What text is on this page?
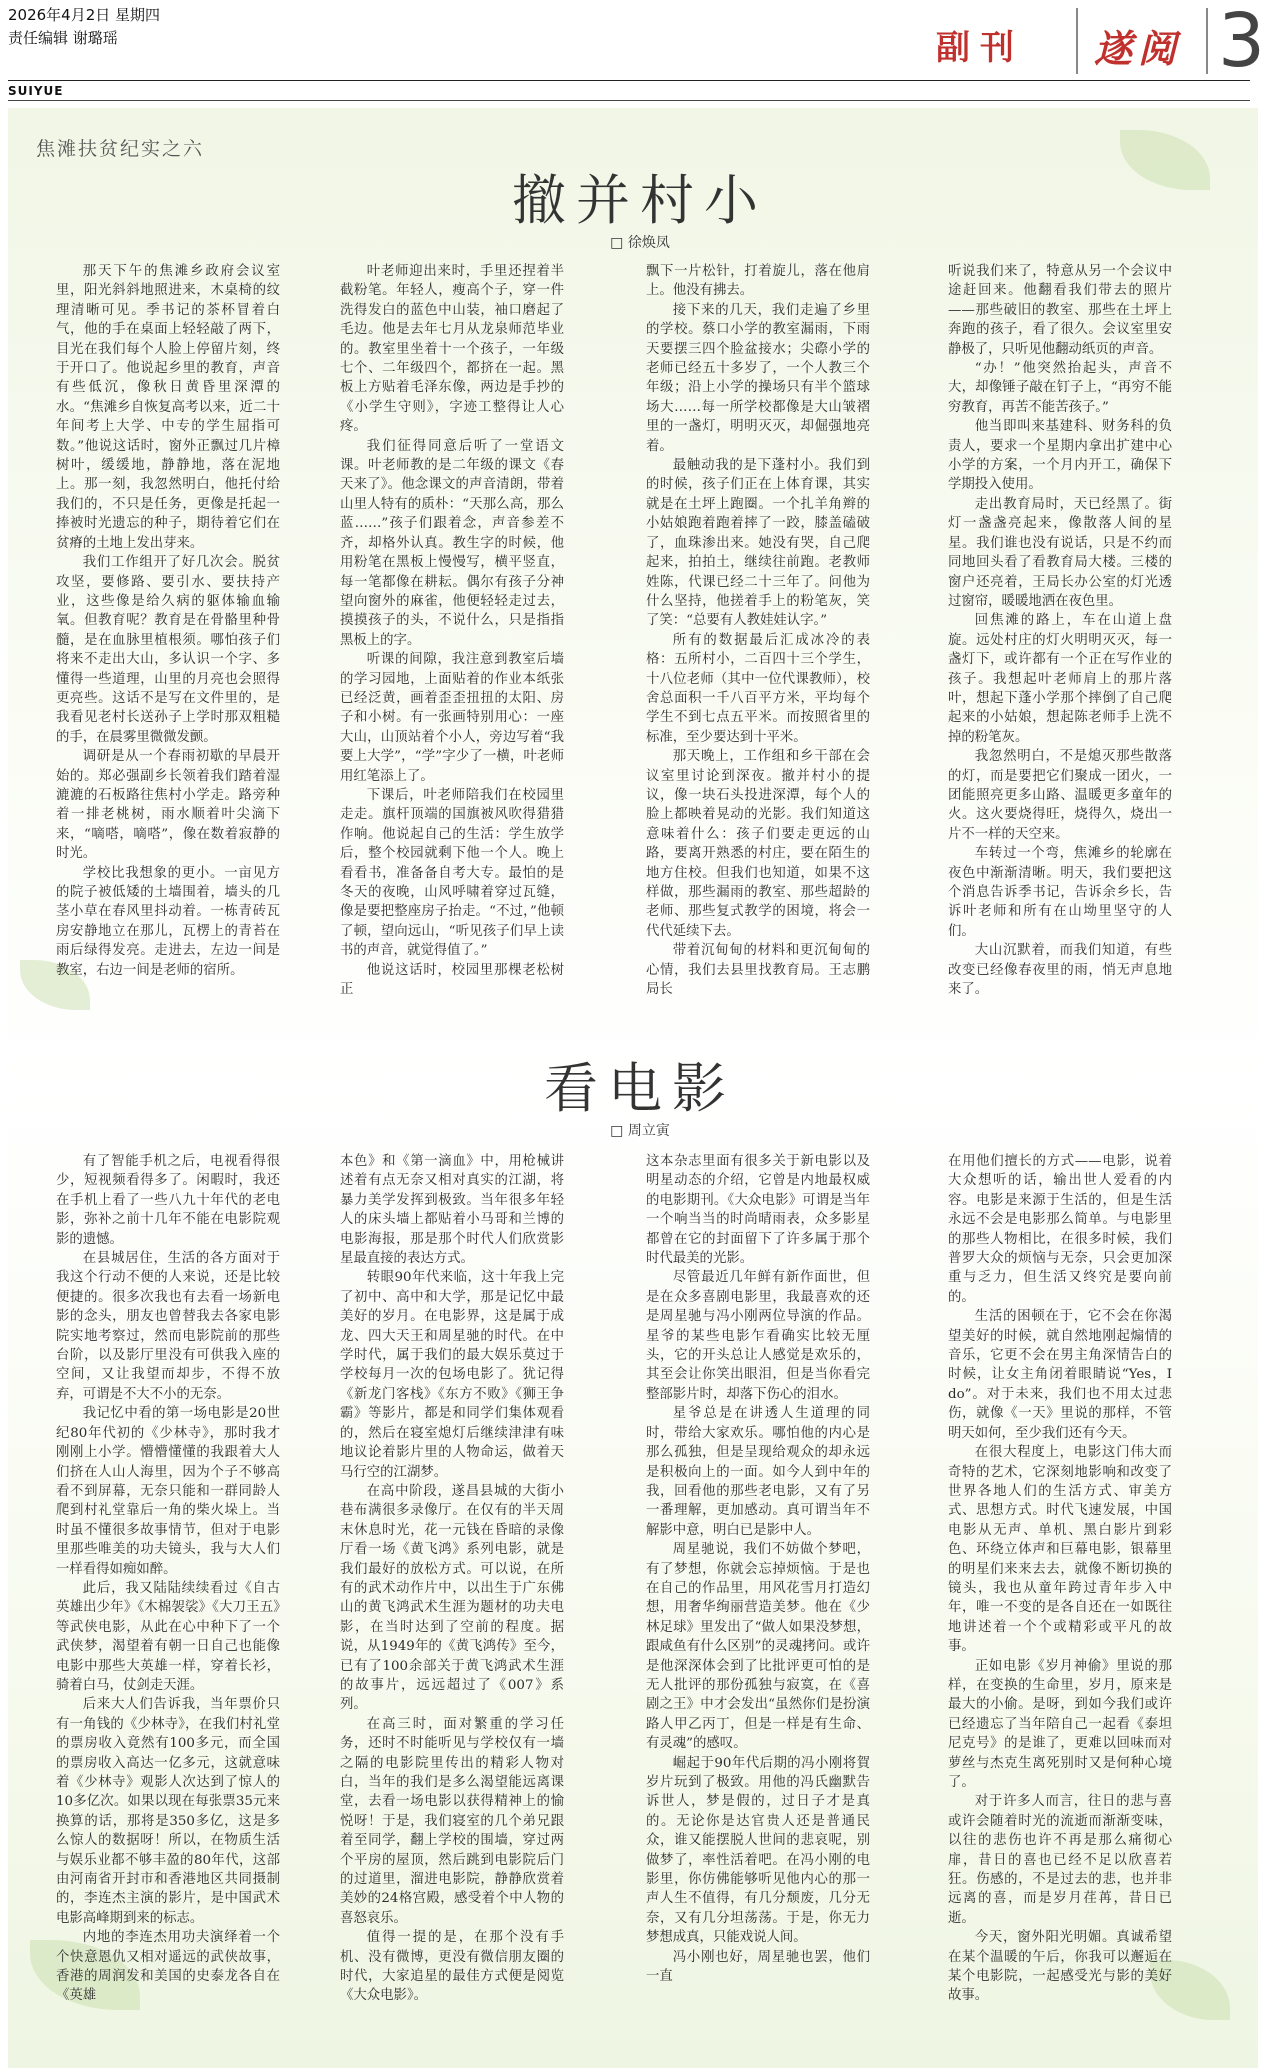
2026年4月2日 星期四
责任编辑 谢璐瑶
SUIYUE
副刊 遂阅 3
焦滩扶贫纪实之六
撤并村小
□ 徐焕凤

那天下午的焦滩乡政府会议室里，阳光斜斜地照进来，木桌椅的纹理清晰可见。季书记的茶杯冒着白气，他的手在桌面上轻轻敲了两下，目光在我们每个人脸上停留片刻，终于开口了。他说起乡里的教育，声音有些低沉，像秋日黄昏里深潭的水。“焦滩乡自恢复高考以来，近二十年间考上大学、中专的学生屈指可数。”他说这话时，窗外正飘过几片樟树叶，缓缓地，静静地，落在泥地上。那一刻，我忽然明白，他托付给我们的，不只是任务，更像是托起一捧被时光遗忘的种子，期待着它们在贫瘠的土地上发出芽来。

我们工作组开了好几次会。脱贫攻坚，要修路、要引水、要扶持产业，这些像是给久病的躯体输血输氧。但教育呢？教育是在骨骼里种骨髓，是在血脉里植根须。哪怕孩子们将来不走出大山，多认识一个字、多懂得一些道理，山里的月亮也会照得更亮些。这话不是写在文件里的，是我看见老村长送孙子上学时那双粗糙的手，在晨雾里微微发颤。

调研是从一个春雨初歇的早晨开始的。郑必强副乡长领着我们踏着湿漉漉的石板路往焦村小学走。路旁种着一排老桃树，雨水顺着叶尖滴下来，“嘀嗒，嘀嗒”，像在数着寂静的时光。

学校比我想象的更小。一亩见方的院子被低矮的土墙围着，墙头的几茎小草在春风里抖动着。一栋青砖瓦房安静地立在那儿，瓦楞上的青苔在雨后绿得发亮。走进去，左边一间是教室，右边一间是老师的宿所。

叶老师迎出来时，手里还捏着半截粉笔。年轻人，瘦高个子，穿一件洗得发白的蓝色中山装，袖口磨起了毛边。他是去年七月从龙泉师范毕业的。教室里坐着十一个孩子，一年级七个、二年级四个，都挤在一起。黑板上方贴着毛泽东像，两边是手抄的《小学生守则》，字迹工整得让人心疼。

我们征得同意后听了一堂语文课。叶老师教的是二年级的课文《春天来了》。他念课文的声音清朗，带着山里人特有的质朴：“天那么高，那么蓝……”孩子们跟着念，声音参差不齐，却格外认真。教生字的时候，他用粉笔在黑板上慢慢写，横平竖直，每一笔都像在耕耘。偶尔有孩子分神望向窗外的麻雀，他便轻轻走过去，摸摸孩子的头，不说什么，只是指指黑板上的字。

听课的间隙，我注意到教室后墙的学习园地，上面贴着的作业本纸张已经泛黄，画着歪歪扭扭的太阳、房子和小树。有一张画特别用心：一座大山，山顶站着个小人，旁边写着“我要上大学”，“学”字少了一横，叶老师用红笔添上了。

下课后，叶老师陪我们在校园里走走。旗杆顶端的国旗被风吹得猎猎作响。他说起自己的生活：学生放学后，整个校园就剩下他一个人。晚上看看书，准备备自考大专。最怕的是冬天的夜晚，山风呼啸着穿过瓦缝，像是要把整座房子抬走。“不过，”他顿了顿，望向远山，“听见孩子们早上读书的声音，就觉得值了。”

他说这话时，校园里那棵老松树正

飘下一片松针，打着旋儿，落在他肩上。他没有拂去。

接下来的几天，我们走遍了乡里的学校。蔡口小学的教室漏雨，下雨天要摆三四个脸盆接水；尖磜小学的老师已经五十多岁了，一个人教三个年级；沿上小学的操场只有半个篮球场大……每一所学校都像是大山皱褶里的一盏灯，明明灭灭，却倔强地亮着。

最触动我的是下蓬村小。我们到的时候，孩子们正在上体育课，其实就是在土坪上跑圈。一个扎羊角辫的小姑娘跑着跑着摔了一跤，膝盖磕破了，血珠渗出来。她没有哭，自己爬起来，拍拍土，继续往前跑。老教师姓陈，代课已经二十三年了。问他为什么坚持，他搓着手上的粉笔灰，笑了笑：“总要有人教娃娃认字。”

所有的数据最后汇成冰冷的表格：五所村小，二百四十三个学生，十八位老师（其中一位代课教师），校舍总面积一千八百平方米，平均每个学生不到七点五平米。而按照省里的标准，至少要达到十平米。

那天晚上，工作组和乡干部在会议室里讨论到深夜。撤并村小的提议，像一块石头投进深潭，每个人的脸上都映着晃动的光影。我们知道这意味着什么：孩子们要走更远的山路，要离开熟悉的村庄，要在陌生的地方住校。但我们也知道，如果不这样做，那些漏雨的教室、那些超龄的老师、那些复式教学的困境，将会一代代延续下去。

带着沉甸甸的材料和更沉甸甸的心情，我们去县里找教育局。王志鹏局长

听说我们来了，特意从另一个会议中途赶回来。他翻看我们带去的照片——那些破旧的教室、那些在土坪上奔跑的孩子，看了很久。会议室里安静极了，只听见他翻动纸页的声音。

“办！”他突然抬起头，声音不大，却像锤子敲在钉子上，“再穷不能穷教育，再苦不能苦孩子。”

他当即叫来基建科、财务科的负责人，要求一个星期内拿出扩建中心小学的方案，一个月内开工，确保下学期投入使用。

走出教育局时，天已经黑了。街灯一盏盏亮起来，像散落人间的星星。我们谁也没有说话，只是不约而同地回头看了看教育局大楼。三楼的窗户还亮着，王局长办公室的灯光透过窗帘，暖暖地洒在夜色里。

回焦滩的路上，车在山道上盘旋。远处村庄的灯火明明灭灭，每一盏灯下，或许都有一个正在写作业的孩子。我想起叶老师肩上的那片落叶，想起下蓬小学那个摔倒了自己爬起来的小姑娘，想起陈老师手上洗不掉的粉笔灰。

我忽然明白，不是熄灭那些散落的灯，而是要把它们聚成一团火，一团能照亮更多山路、温暖更多童年的火。这火要烧得旺，烧得久，烧出一片不一样的天空来。

车转过一个弯，焦滩乡的轮廓在夜色中渐渐清晰。明天，我们要把这个消息告诉季书记，告诉余乡长，告诉叶老师和所有在山坳里坚守的人们。

大山沉默着，而我们知道，有些改变已经像春夜里的雨，悄无声息地来了。

看电影
□ 周立寅

有了智能手机之后，电视看得很少，短视频看得多了。闲暇时，我还在手机上看了一些八九十年代的老电影，弥补之前十几年不能在电影院观影的遗憾。

在县城居住，生活的各方面对于我这个行动不便的人来说，还是比较便捷的。很多次我也有去看一场新电影的念头，朋友也曾替我去各家电影院实地考察过，然而电影院前的那些台阶，以及影厅里没有可供我入座的空间，又让我望而却步，不得不放弃，可谓是不大不小的无奈。

我记忆中看的第一场电影是20世纪80年代初的《少林寺》，那时我才刚刚上小学。懵懵懂懂的我跟着大人们挤在人山人海里，因为个子不够高看不到屏幕，无奈只能和一群同龄人爬到村礼堂靠后一角的柴火垛上。当时虽不懂很多故事情节，但对于电影里那些唯美的功夫镜头，我与大人们一样看得如痴如醉。

此后，我又陆陆续续看过《自古英雄出少年》《木棉袈裟》《大刀王五》等武侠电影，从此在心中种下了一个武侠梦，渴望着有朝一日自己也能像电影中那些大英雄一样，穿着长衫，骑着白马，仗剑走天涯。

后来大人们告诉我，当年票价只有一角钱的《少林寺》，在我们村礼堂的票房收入竟然有100多元，而全国的票房收入高达一亿多元，这就意味着《少林寺》观影人次达到了惊人的10多亿次。如果以现在每张票35元来换算的话，那将是350多亿，这是多么惊人的数据呀！所以，在物质生活与娱乐业都不够丰盈的80年代，这部由河南省开封市和香港地区共同摄制的，李连杰主演的影片，是中国武术电影高峰期到来的标志。

内地的李连杰用功夫演绎着一个个快意恩仇又相对遥远的武侠故事，香港的周润发和美国的史泰龙各自在《英雄

本色》和《第一滴血》中，用枪械讲述着有点无奈又相对真实的江湖，将暴力美学发挥到极致。当年很多年轻人的床头墙上都贴着小马哥和兰博的电影海报，那是那个时代人们欣赏影星最直接的表达方式。

转眼90年代来临，这十年我上完了初中、高中和大学，那是记忆中最美好的岁月。在电影界，这是属于成龙、四大天王和周星驰的时代。在中学时代，属于我们的最大娱乐莫过于学校每月一次的包场电影了。犹记得《新龙门客栈》《东方不败》《狮王争霸》等影片，都是和同学们集体观看的，然后在寝室熄灯后继续津津有味地议论着影片里的人物命运，做着天马行空的江湖梦。

在高中阶段，遂昌县城的大街小巷布满很多录像厅。在仅有的半天周末休息时光，花一元钱在昏暗的录像厅看一场《黄飞鸿》系列电影，就是我们最好的放松方式。可以说，在所有的武术动作片中，以出生于广东佛山的黄飞鸿武术生涯为题材的功夫电影，在当时达到了空前的程度。据说，从1949年的《黄飞鸿传》至今，已有了100余部关于黄飞鸿武术生涯的故事片，远远超过了《007》系列。

在高三时，面对繁重的学习任务，还时不时能听见与学校仅有一墙之隔的电影院里传出的精彩人物对白，当年的我们是多么渴望能远离课堂，去看一场电影以获得精神上的愉悦呀！于是，我们寝室的几个弟兄跟着至同学，翻上学校的围墙，穿过两个平房的屋顶，然后跳到电影院后门的过道里，溜进电影院，静静欣赏着美妙的24格宫殿，感受着个中人物的喜怒哀乐。

值得一提的是，在那个没有手机、没有微博，更没有微信朋友圈的时代，大家追星的最佳方式便是阅览《大众电影》。

这本杂志里面有很多关于新电影以及明星动态的介绍，它曾是内地最权威的电影期刊。《大众电影》可谓是当年一个响当当的时尚晴雨表，众多影星都曾在它的封面留下了许多属于那个时代最美的光影。

尽管最近几年鲜有新作面世，但是在众多喜剧电影里，我最喜欢的还是周星驰与冯小刚两位导演的作品。星爷的某些电影乍看确实比较无厘头，它的开头总让人感觉是欢乐的，其至会让你笑出眼泪，但是当你看完整部影片时，却落下伤心的泪水。

星爷总是在讲透人生道理的同时，带给大家欢乐。哪怕他的内心是那么孤独，但是呈现给观众的却永远是积极向上的一面。如今人到中年的我，回看他的那些老电影，又有了另一番理解，更加感动。真可谓当年不解影中意，明白已是影中人。

周星驰说，我们不妨做个梦吧，有了梦想，你就会忘掉烦恼。于是也在自己的作品里，用风花雪月打造幻想，用奢华绚丽营造美梦。他在《少林足球》里发出了“做人如果没梦想，跟咸鱼有什么区别”的灵魂拷问。或许是他深深体会到了比批评更可怕的是无人批评的那份孤独与寂寞，在《喜剧之王》中才会发出“虽然你们是扮演路人甲乙丙丁，但是一样是有生命、有灵魂”的感叹。

崛起于90年代后期的冯小刚将賀岁片玩到了极致。用他的冯氏幽默告诉世人，梦是假的，过日子才是真的。无论你是达官贵人还是普通民众，谁又能摆脱人世间的悲哀呢，别做梦了，率性活着吧。在冯小刚的电影里，你仿佛能够听见他内心的那一声人生不值得，有几分颓废，几分无奈，又有几分坦荡荡。于是，你无力梦想成真，只能戏说人间。

冯小刚也好，周星驰也罢，他们一直

在用他们擅长的方式——电影，说着大众想听的话，输出世人爱看的内容。电影是来源于生活的，但是生活永远不会是电影那么简单。与电影里的那些人物相比，在很多时候，我们普罗大众的烦恼与无奈，只会更加深重与乏力，但生活又终究是要向前的。

生活的困顿在于，它不会在你渴望美好的时候，就自然地刚起煽情的音乐，它更不会在男主角深情告白的时候，让女主角闭着眼睛说“Yes，I do”。对于未来，我们也不用太过悲伤，就像《一天》里说的那样，不管明天如何，至少我们还有今天。

在很大程度上，电影这门伟大而奇特的艺术，它深刻地影响和改变了世界各地人们的生活方式、审美方式、思想方式。时代飞速发展，中国电影从无声、单机、黑白影片到彩色、环绕立体声和巨幕电影，银幕里的明星们来来去去，就像不断切换的镜头，我也从童年跨过青年步入中年，唯一不变的是各自还在一如既往地讲述着一个个或精彩或平凡的故事。

正如电影《岁月神偷》里说的那样，在变换的生命里，岁月，原来是最大的小偷。是呀，到如今我们或许已经遗忘了当年陪自己一起看《泰坦尼克号》的是谁了，更难以回味而对萝丝与杰克生离死别时又是何种心境了。

对于许多人而言，往日的悲与喜或许会随着时光的流逝而渐渐变味，以往的悲伤也许不再是那么痛彻心扉，昔日的喜也已经不足以欣喜若狂。伤感的，不是过去的悲，也并非远离的喜，而是岁月荏苒，昔日已逝。

今天，窗外阳光明媚。真诚希望在某个温暖的午后，你我可以邂逅在某个电影院，一起感受光与影的美好故事。
